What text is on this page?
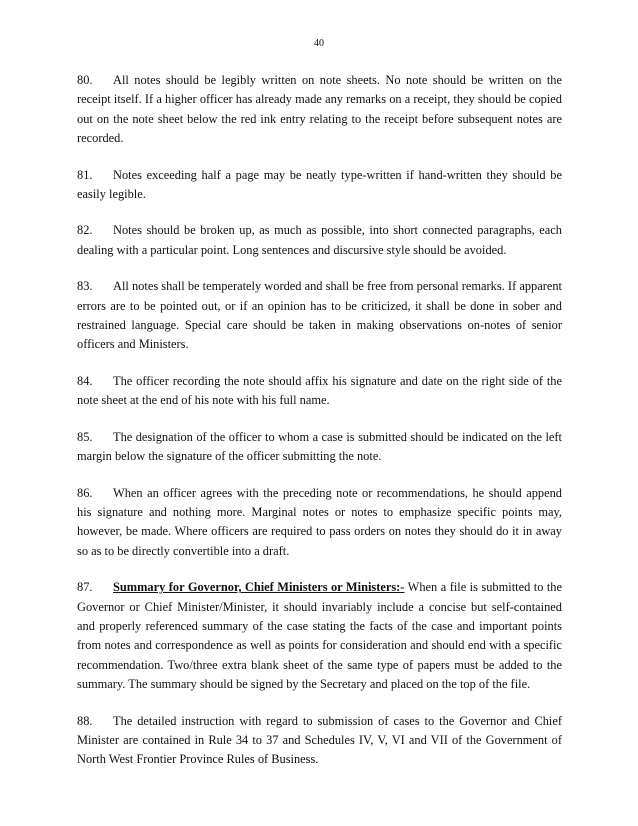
40

80. All notes should be legibly written on note sheets. No note should be written on the receipt itself. If a higher officer has already made any remarks on a receipt, they should be copied out on the note sheet below the red ink entry relating to the receipt before subsequent notes are recorded.

81. Notes exceeding half a page may be neatly type-written if hand-written they should be easily legible.

82. Notes should be broken up, as much as possible, into short connected paragraphs, each dealing with a particular point. Long sentences and discursive style should be avoided.

83. All notes shall be temperately worded and shall be free from personal remarks. If apparent errors are to be pointed out, or if an opinion has to be criticized, it shall be done in sober and restrained language. Special care should be taken in making observations on-notes of senior officers and Ministers.

84. The officer recording the note should affix his signature and date on the right side of the note sheet at the end of his note with his full name.

85. The designation of the officer to whom a case is submitted should be indicated on the left margin below the signature of the officer submitting the note.

86. When an officer agrees with the preceding note or recommendations, he should append his signature and nothing more. Marginal notes or notes to emphasize specific points may, however, be made. Where officers are required to pass orders on notes they should do it in away so as to be directly convertible into a draft.

87. Summary for Governor, Chief Ministers or Ministers:- When a file is submitted to the Governor or Chief Minister/Minister, it should invariably include a concise but self-contained and properly referenced summary of the case stating the facts of the case and important points from notes and correspondence as well as points for consideration and should end with a specific recommendation. Two/three extra blank sheet of the same type of papers must be added to the summary. The summary should be signed by the Secretary and placed on the top of the file.

88. The detailed instruction with regard to submission of cases to the Governor and Chief Minister are contained in Rule 34 to 37 and Schedules IV, V, VI and VII of the Government of North West Frontier Province Rules of Business.
